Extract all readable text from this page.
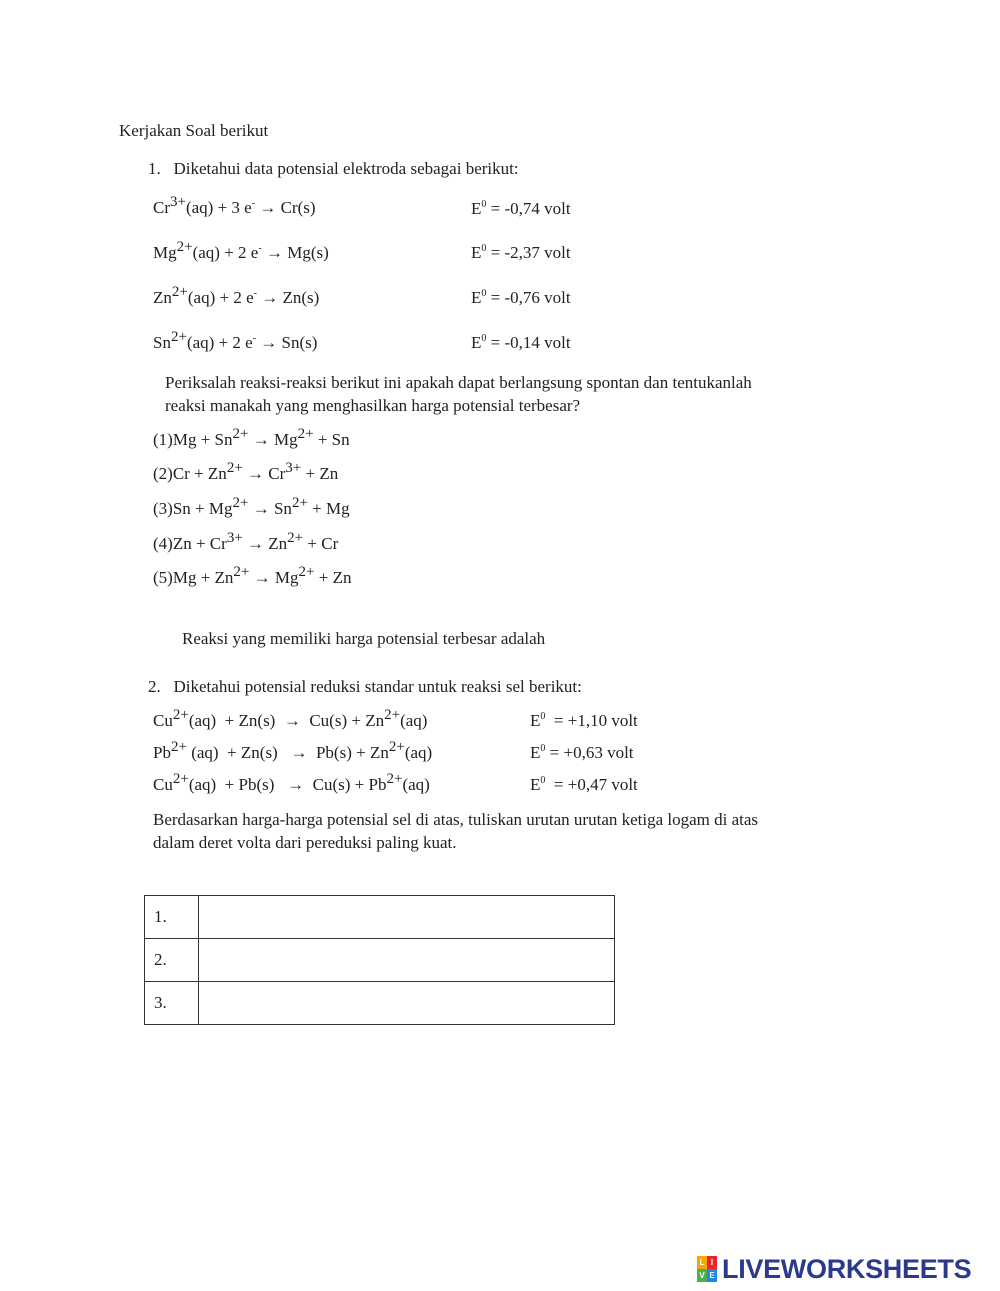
Kerjakan Soal berikut
1. Diketahui data potensial elektroda sebagai berikut:
Cr3+(aq) + 3 e- → Cr(s)	$E^0 = -0,74$ volt
Mg2+(aq) + 2 e- → Mg(s)	$E^0 = -2,37$ volt
Zn2+(aq) + 2 e- → Zn(s)	$E^0 = -0,76$ volt
Sn2+(aq) + 2 e- → Sn(s)	$E^0 = -0,14$ volt
Periksalah reaksi-reaksi berikut ini apakah dapat berlangsung spontan dan tentukanlah
reaksi manakah yang menghasilkan harga potensial terbesar?
(1)Mg + Sn2+ → Mg2+ + Sn
(2)Cr + Zn2+ → Cr3+ + Zn
(3)Sn + Mg2+ → Sn2+ + Mg
(4)Zn + Cr3+ → Zn2+ + Cr
(5)Mg + Zn2+ → Mg2+ + Zn
Reaksi yang memiliki harga potensial terbesar adalah
2. Diketahui potensial reduksi standar untuk reaksi sel berikut:
Cu2+(aq)  + Zn(s)  →  Cu(s) + Zn2+(aq)	$E^0 = +1,10$ volt
Pb2+ (aq)  + Zn(s)   →  Pb(s) + Zn2+(aq)	$E^0 = +0,63$ volt
Cu2+(aq)  + Pb(s)   →  Cu(s) + Pb2+(aq)	$E^0 = +0,47$ volt
Berdasarkan harga-harga potensial sel di atas, tuliskan urutan urutan ketiga logam di atas
dalam deret volta dari pereduksi paling kuat.
1.	
2.	
3.	
L I
V E LIVEWORKSHEETS
